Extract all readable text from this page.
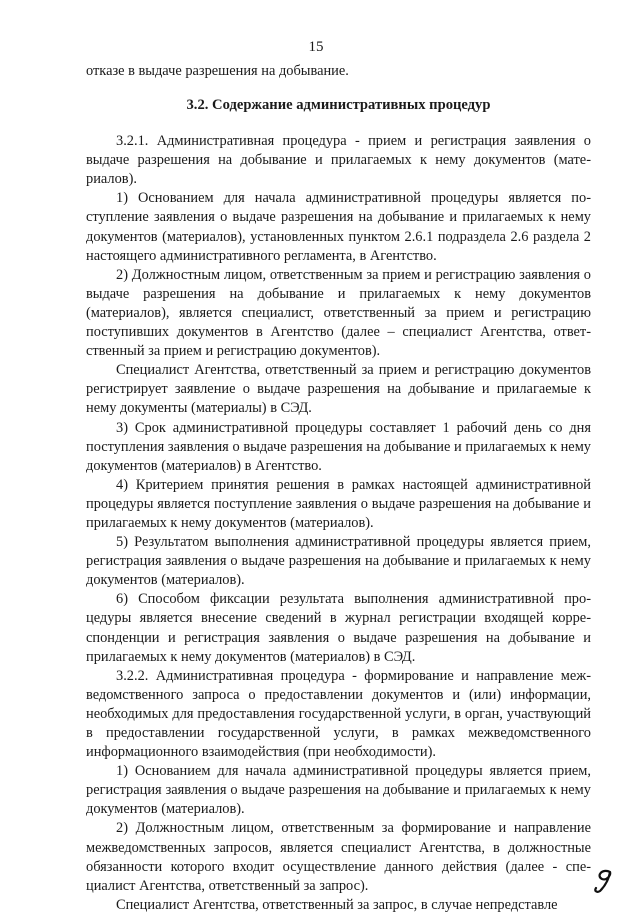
15

отказе в выдаче разрешения на добывание.

3.2. Содержание административных процедур

3.2.1. Административная процедура - прием и регистрация заявления о выдаче разрешения на добывание и прилагаемых к нему документов (материалов).

1) Основанием для начала административной процедуры является поступление заявления о выдаче разрешения на добывание и прилагаемых к нему документов (материалов), установленных пунктом 2.6.1 подраздела 2.6 раздела 2 настоящего административного регламента, в Агентство.

2) Должностным лицом, ответственным за прием и регистрацию заявления о выдаче разрешения на добывание и прилагаемых к нему документов (материалов), является специалист, ответственный за прием и регистрацию поступивших документов в Агентство (далее – специалист Агентства, ответственный за прием и регистрацию документов).

Специалист Агентства, ответственный за прием и регистрацию документов регистрирует заявление о выдаче разрешения на добывание и прилагаемые к нему документы (материалы) в СЭД.

3) Срок административной процедуры составляет 1 рабочий день со дня поступления заявления о выдаче разрешения на добывание и прилагаемых к нему документов (материалов) в Агентство.

4) Критерием принятия решения в рамках настоящей административной процедуры является поступление заявления о выдаче разрешения на добывание и прилагаемых к нему документов (материалов).

5) Результатом выполнения административной процедуры является прием, регистрация заявления о выдаче разрешения на добывание и прилагаемых к нему документов (материалов).

6) Способом фиксации результата выполнения административной процедуры является внесение сведений в журнал регистрации входящей корреспонденции и регистрация заявления о выдаче разрешения на добывание и прилагаемых к нему документов (материалов) в СЭД.

3.2.2. Административная процедура - формирование и направление межведомственного запроса о предоставлении документов и (или) информации, необходимых для предоставления государственной услуги, в орган, участвующий в предоставлении государственной услуги, в рамках межведомственного информационного взаимодействия (при необходимости).

1) Основанием для начала административной процедуры является прием, регистрация заявления о выдаче разрешения на добывание и прилагаемых к нему документов (материалов).

2) Должностным лицом, ответственным за формирование и направление межведомственных запросов, является специалист Агентства, в должностные обязанности которого входит осуществление данного действия (далее - специалист Агентства, ответственный за запрос).

Специалист Агентства, ответственный за запрос, в случае непредставле
